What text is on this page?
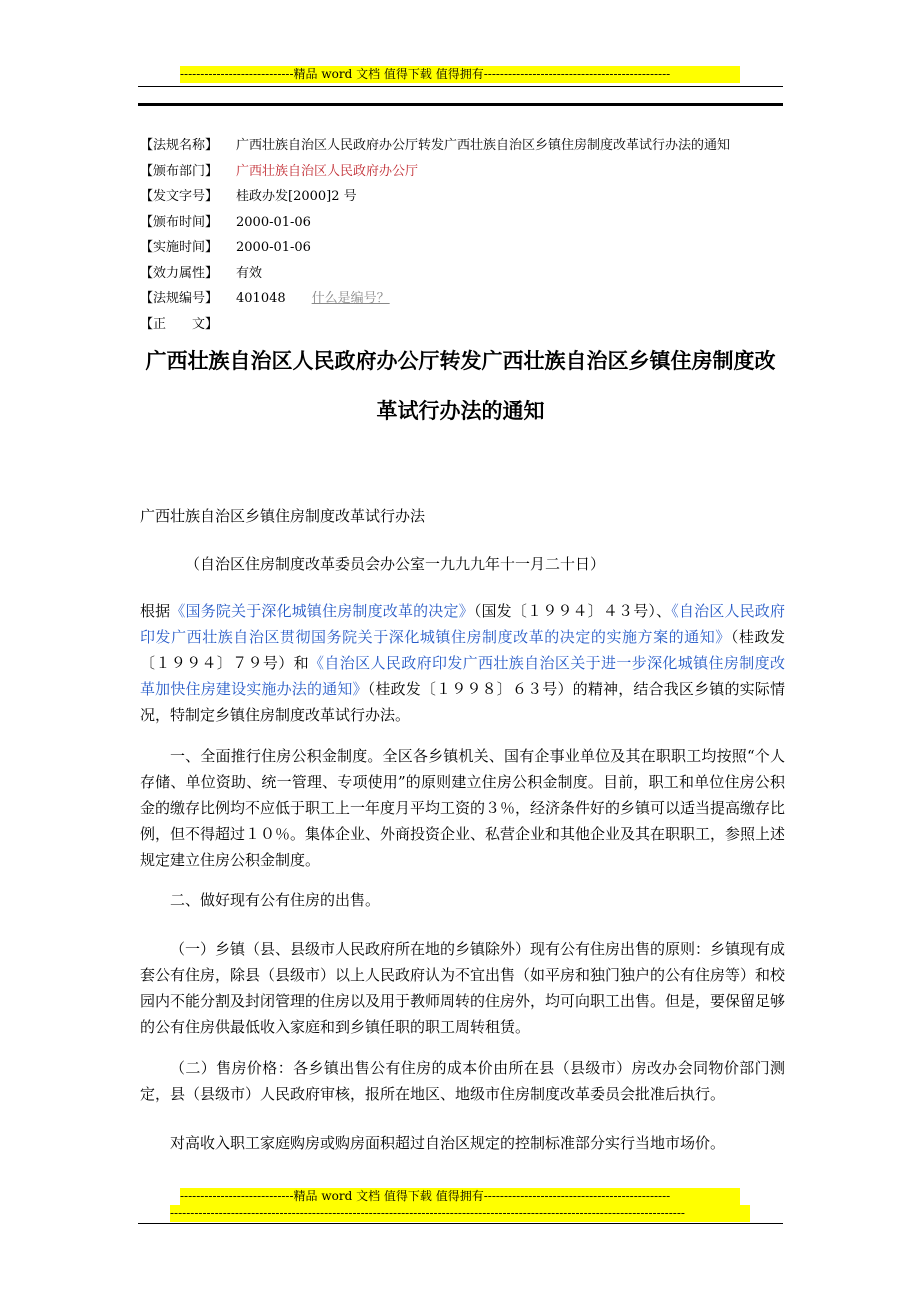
----------------------------精品 word 文档 值得下载 值得拥有----------------------------------------------
【法规名称】 广西壮族自治区人民政府办公厅转发广西壮族自治区乡镇住房制度改革试行办法的通知
【颁布部门】 广西壮族自治区人民政府办公厅
【发文字号】 桂政办发[2000]2 号
【颁布时间】 2000-01-06
【实施时间】 2000-01-06
【效力属性】 有效
【法规编号】 401048 什么是编号？
【正　　文】
广西壮族自治区人民政府办公厅转发广西壮族自治区乡镇住房制度改
革试行办法的通知
广西壮族自治区乡镇住房制度改革试行办法
（自治区住房制度改革委员会办公室一九九九年十一月二十日）
根据《国务院关于深化城镇住房制度改革的决定》（国发〔１９９４〕４３号）、《自治区人民政府印发广西壮族自治区贯彻国务院关于深化城镇住房制度改革的决定的实施方案的通知》（桂政发〔１９９４〕７９号）和《自治区人民政府印发广西壮族自治区关于进一步深化城镇住房制度改革加快住房建设实施办法的通知》（桂政发〔１９９８〕６３号）的精神，结合我区乡镇的实际情况，特制定乡镇住房制度改革试行办法。
一、全面推行住房公积金制度。全区各乡镇机关、国有企事业单位及其在职职工均按照“个人存储、单位资助、统一管理、专项使用”的原则建立住房公积金制度。目前，职工和单位住房公积金的缴存比例均不应低于职工上一年度月平均工资的３％，经济条件好的乡镇可以适当提高缴存比例，但不得超过１０％。集体企业、外商投资企业、私营企业和其他企业及其在职职工，参照上述规定建立住房公积金制度。
二、做好现有公有住房的出售。
（一）乡镇（县、县级市人民政府所在地的乡镇除外）现有公有住房出售的原则：乡镇现有成套公有住房，除县（县级市）以上人民政府认为不宜出售（如平房和独门独户的公有住房等）和校园内不能分割及封闭管理的住房以及用于教师周转的住房外，均可向职工出售。但是，要保留足够的公有住房供最低收入家庭和到乡镇任职的职工周转租赁。
（二）售房价格：各乡镇出售公有住房的成本价由所在县（县级市）房改办会同物价部门测定，县（县级市）人民政府审核，报所在地区、地级市住房制度改革委员会批准后执行。
对高收入职工家庭购房或购房面积超过自治区规定的控制标准部分实行当地市场价。
----------------------------精品 word 文档 值得下载 值得拥有----------------------------------------------
-------------------------------------------------------------------------------------------------------------------------------
